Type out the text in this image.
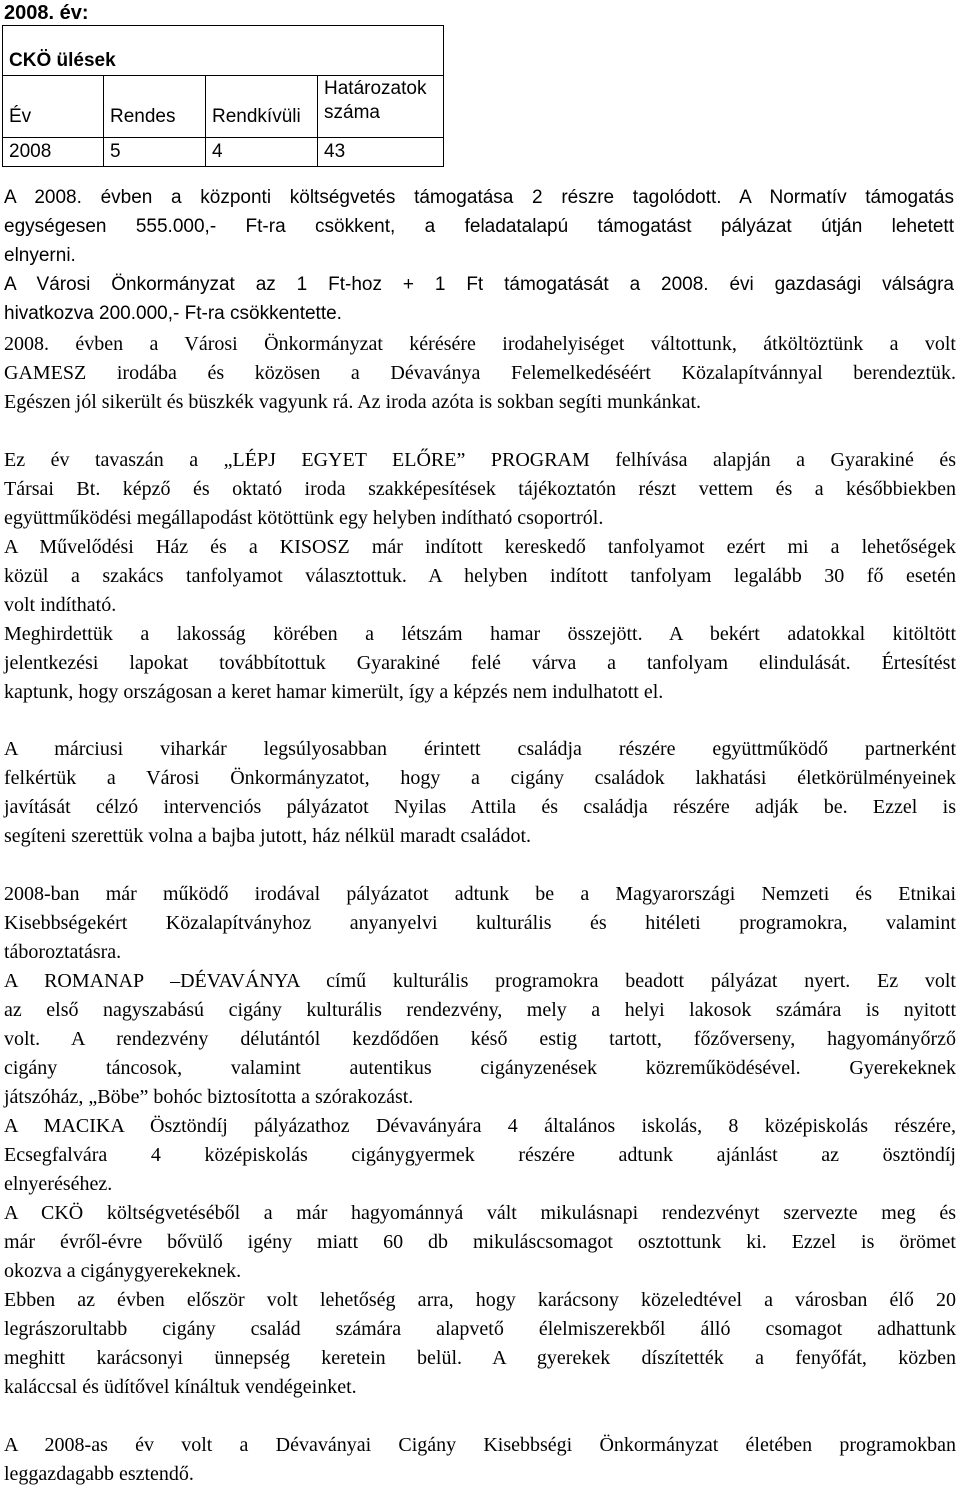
2008. év:
CKÖ ülések			
Év	Rendes	Rendkívüli	Határozatok száma
2008	5	4	43
A 2008. évben a központi költségvetés támogatása 2 részre tagolódott. A Normatív támogatás
egységesen 555.000,- Ft-ra csökkent, a feladatalapú támogatást pályázat útján lehetett
elnyerni.
A Városi Önkormányzat az 1 Ft-hoz + 1 Ft támogatását a 2008. évi gazdasági válságra
hivatkozva 200.000,- Ft-ra csökkentette.
2008. évben a Városi Önkormányzat kérésére irodahelyiséget váltottunk, átköltöztünk a volt
GAMESZ irodába és közösen a Dévaványa Felemelkedéséért Közalapítvánnyal berendeztük.
Egészen jól sikerült és büszkék vagyunk rá. Az iroda azóta is sokban segíti munkánkat.
Ez év tavaszán a „LÉPJ EGYET ELŐRE” PROGRAM felhívása alapján a Gyarakiné és
Társai Bt. képző és oktató iroda szakképesítések tájékoztatón részt vettem és a későbbiekben
együttműködési megállapodást kötöttünk egy helyben indítható csoportról.
A Művelődési Ház és a KISOSZ már indított kereskedő tanfolyamot ezért mi a lehetőségek
közül a szakács tanfolyamot választottuk. A helyben indított tanfolyam legalább 30 fő esetén
volt indítható.
Meghirdettük a lakosság körében a létszám hamar összejött. A bekért adatokkal kitöltött
jelentkezési lapokat továbbítottuk Gyarakiné felé várva a tanfolyam elindulását. Értesítést
kaptunk, hogy országosan a keret hamar kimerült, így a képzés nem indulhatott el.
A márciusi viharkár legsúlyosabban érintett családja részére együttműködő partnerként
felkértük a Városi Önkormányzatot, hogy a cigány családok lakhatási életkörülményeinek
javítását célzó intervenciós pályázatot Nyilas Attila és családja részére adják be. Ezzel is
segíteni szerettük volna a bajba jutott, ház nélkül maradt családot.
2008-ban már működő irodával pályázatot adtunk be a Magyarországi Nemzeti és Etnikai
Kisebbségekért Közalapítványhoz anyanyelvi kulturális és hitéleti programokra, valamint
táboroztatásra.
A ROMANAP –DÉVAVÁNYA című kulturális programokra beadott pályázat nyert. Ez volt
az első nagyszabású cigány kulturális rendezvény, mely a helyi lakosok számára is nyitott
volt. A rendezvény délutántól kezdődően késő estig tartott, főzőverseny, hagyományőrző
cigány táncosok, valamint autentikus cigányzenések közreműködésével. Gyerekeknek
játszóház, „Böbe” bohóc biztosította a szórakozást.
A MACIKA Ösztöndíj pályázathoz Dévaványára 4 általános iskolás, 8 középiskolás részére,
Ecsegfalvára 4 középiskolás cigánygyermek részére adtunk ajánlást az ösztöndíj
elnyeréséhez.
A CKÖ költségvetéséből a már hagyománnyá vált mikulásnapi rendezvényt szervezte meg és
már évről-évre bővülő igény miatt 60 db mikuláscsomagot osztottunk ki. Ezzel is örömet
okozva a cigánygyerekeknek.
Ebben az évben először volt lehetőség arra, hogy karácsony közeledtével a városban élő 20
legrászorultabb cigány család számára alapvető élelmiszerekből álló csomagot adhattunk
meghitt karácsonyi ünnepség keretein belül. A gyerekek díszítették a fenyőfát, közben
kaláccsal és üdítővel kínáltuk vendégeinket.
A 2008-as év volt a Dévaványai Cigány Kisebbségi Önkormányzat életében programokban
leggazdagabb esztendő.
